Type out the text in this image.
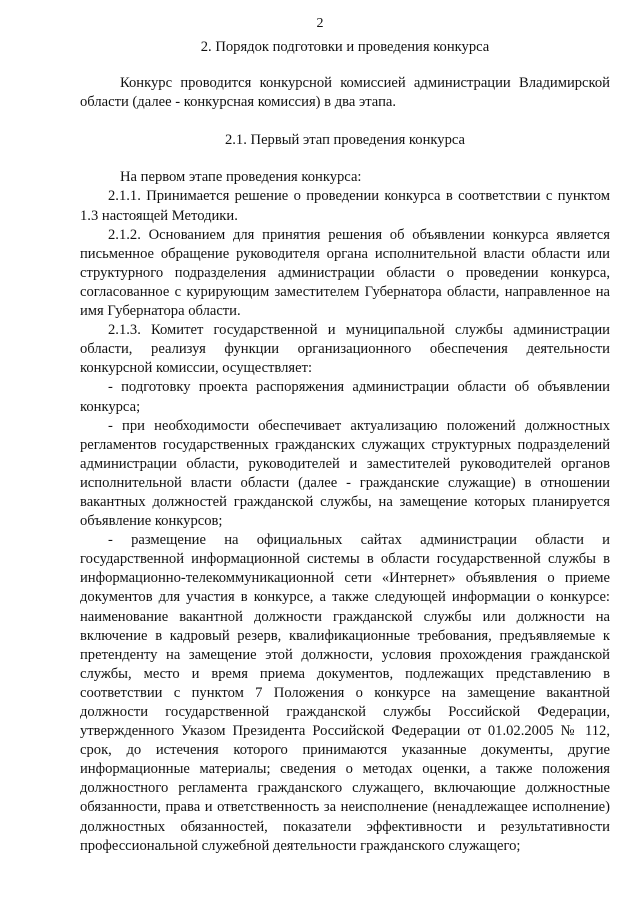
2
2. Порядок подготовки и проведения конкурса

Конкурс проводится конкурсной комиссией администрации Владимирской области (далее - конкурсная комиссия) в два этапа.

2.1. Первый этап проведения конкурса

На первом этапе проведения конкурса:

2.1.1. Принимается решение о проведении конкурса в соответствии с пунктом 1.3 настоящей Методики.

2.1.2. Основанием для принятия решения об объявлении конкурса является письменное обращение руководителя органа исполнительной власти области или структурного подразделения администрации области о проведении конкурса, согласованное с курирующим заместителем Губернатора области, направленное на имя Губернатора области.

2.1.3. Комитет государственной и муниципальной службы администрации области, реализуя функции организационного обеспечения деятельности конкурсной комиссии, осуществляет:

- подготовку проекта распоряжения администрации области об объявлении конкурса;

- при необходимости обеспечивает актуализацию положений должностных регламентов государственных гражданских служащих структурных подразделений администрации области, руководителей и заместителей руководителей органов исполнительной власти области (далее - гражданские служащие) в отношении вакантных должностей гражданской службы, на замещение которых планируется объявление конкурсов;

- размещение на официальных сайтах администрации области и государственной информационной системы в области государственной службы в информационно-телекоммуникационной сети «Интернет» объявления о приеме документов для участия в конкурсе, а также следующей информации о конкурсе: наименование вакантной должности гражданской службы или должности на включение в кадровый резерв, квалификационные требования, предъявляемые к претенденту на замещение этой должности, условия прохождения гражданской службы, место и время приема документов, подлежащих представлению в соответствии с пунктом 7 Положения о конкурсе на замещение вакантной должности государственной гражданской службы Российской Федерации, утвержденного Указом Президента Российской Федерации от 01.02.2005 № 112, срок, до истечения которого принимаются указанные документы, другие информационные материалы; сведения о методах оценки, а также положения должностного регламента гражданского служащего, включающие должностные обязанности, права и ответственность за неисполнение (ненадлежащее исполнение) должностных обязанностей, показатели эффективности и результативности профессиональной служебной деятельности гражданского служащего;
